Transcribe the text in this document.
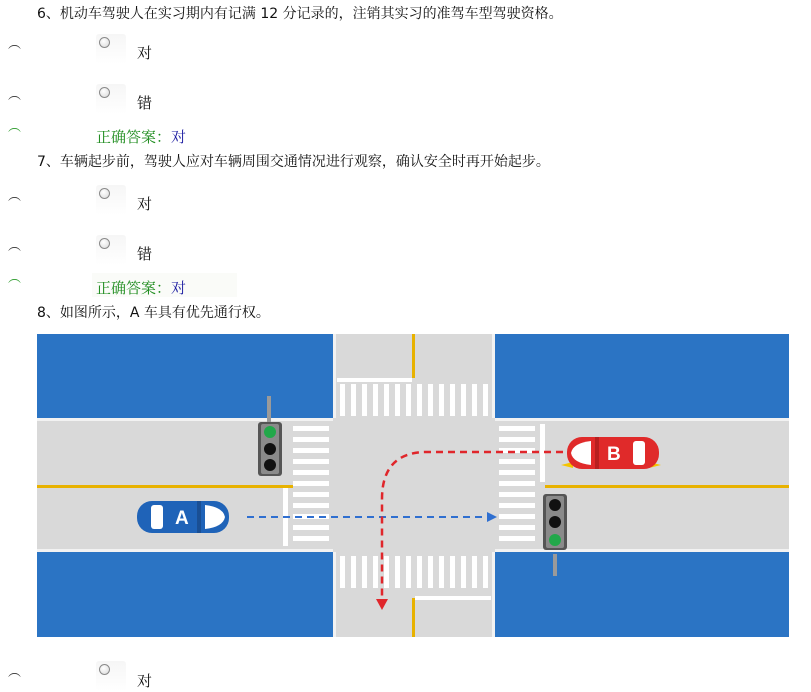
6、机动车驾驶人在实习期内有记满 12 分记录的，注销其实习的准驾车型驾驶资格。
︵	对
︵	错
︵
正确答案：对
7、车辆起步前，驾驶人应对车辆周围交通情况进行观察，确认安全时再开始起步。
︵	对
︵	错
︵
正确答案：对
8、如图所示，A 车具有优先通行权。
A
B
︵	对
